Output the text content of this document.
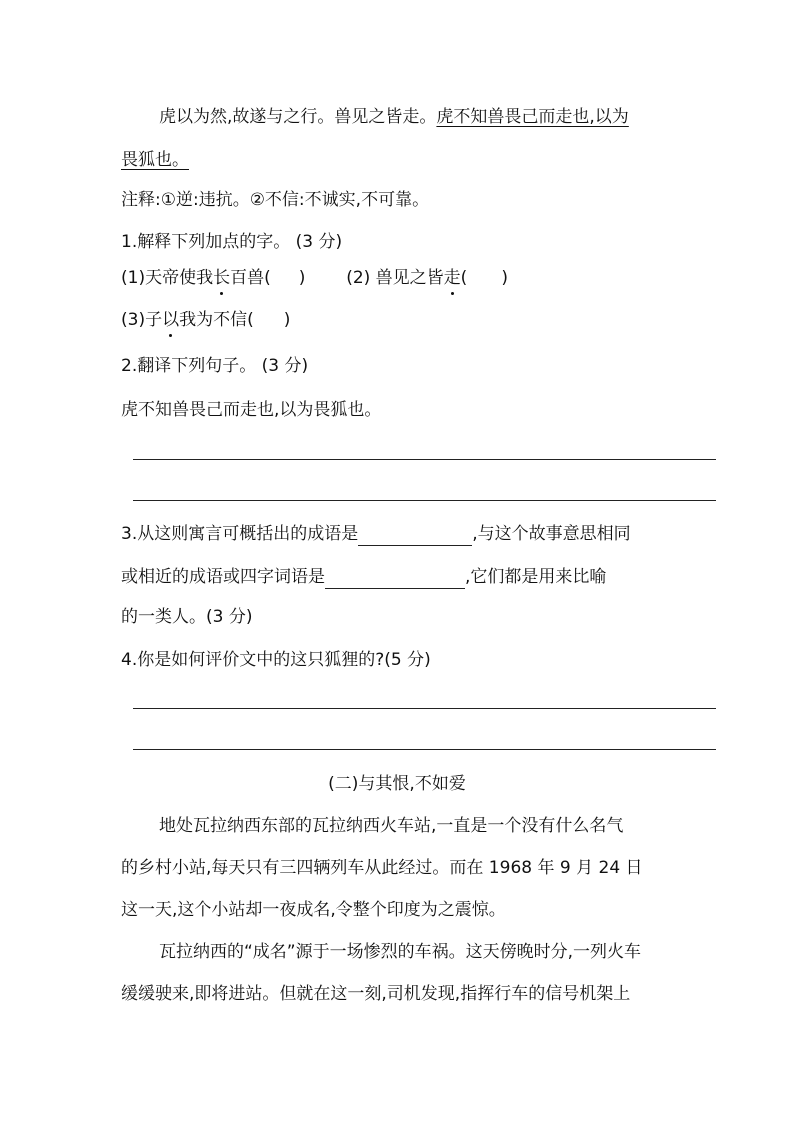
虎以为然,故遂与之行。兽见之皆走。虎不知兽畏己而走也,以为
畏狐也。
注释:①逆:违抗。②不信:不诚实,不可靠。
1.解释下列加点的字。 (3 分)
(1)天帝使我长百兽( ) (2) 兽见之皆走( )
(3)子以我为不信( )
2.翻译下列句子。 (3 分)
虎不知兽畏己而走也,以为畏狐也。
3.从这则寓言可概括出的成语是	,与这个故事意思相同
或相近的成语或四字词语是	,它们都是用来比喻
的一类人。(3 分)
4.你是如何评价文中的这只狐狸的?(5 分)
(二)与其恨,不如爱
地处瓦拉纳西东部的瓦拉纳西火车站,一直是一个没有什么名气
的乡村小站,每天只有三四辆列车从此经过。而在 1968 年 9 月 24 日
这一天,这个小站却一夜成名,令整个印度为之震惊。
瓦拉纳西的“成名”源于一场惨烈的车祸。这天傍晚时分,一列火车
缓缓驶来,即将进站。但就在这一刻,司机发现,指挥行车的信号机架上
